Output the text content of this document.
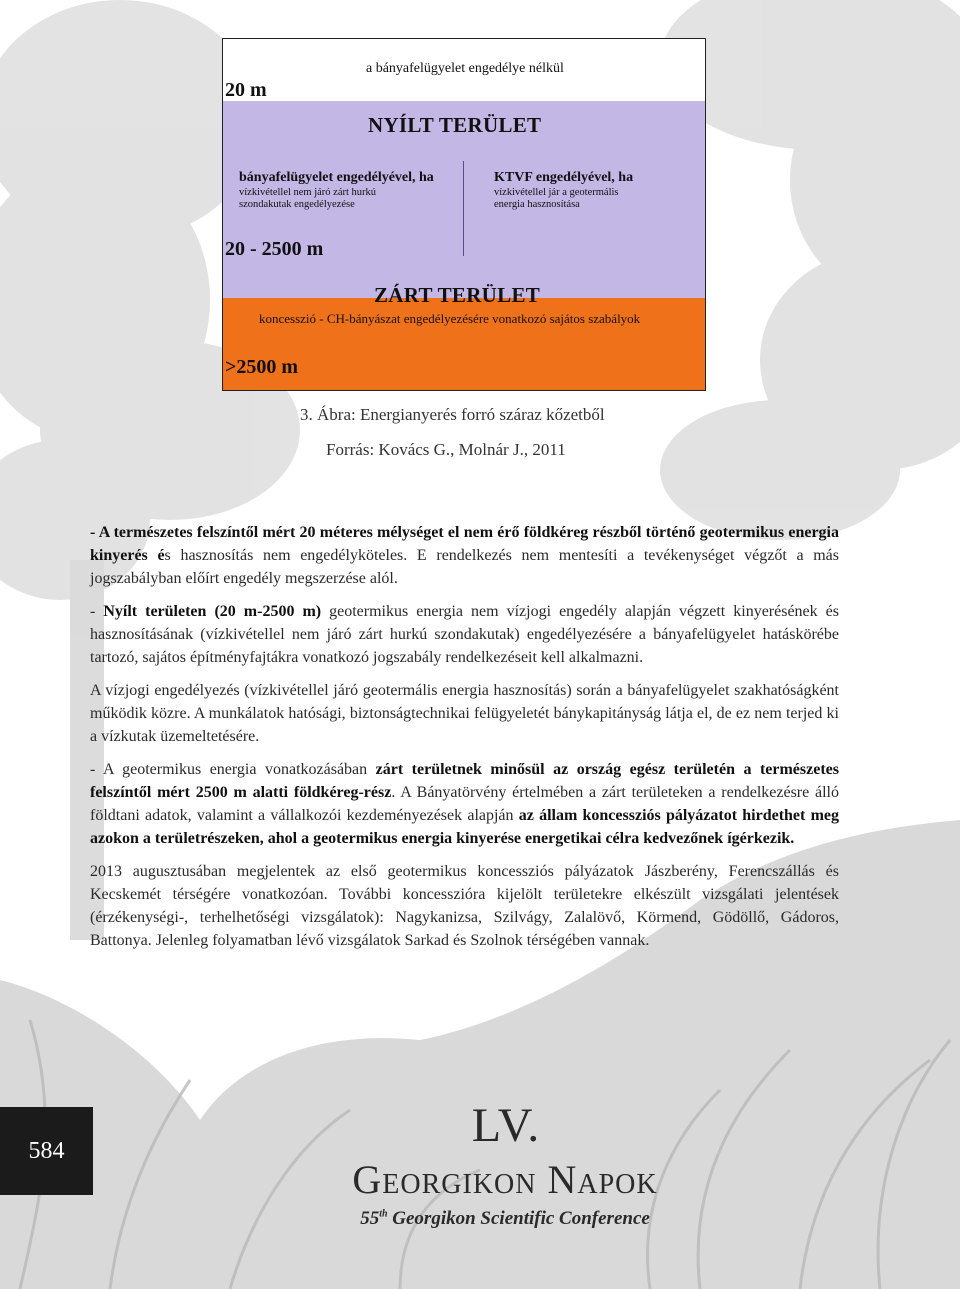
a bányafelügyelet engedélye nélkül
20 m
NYÍLT TERÜLET
bányafelügyelet engedélyével, ha
vízkivétellel nem járó zárt hurkú
szondakutak engedélyezése
KTVF engedélyével, ha
vízkivétellel jár a geotermális
energia hasznosítása
20 - 2500 m
ZÁRT TERÜLET
koncesszió - CH-bányászat engedélyezésére vonatkozó sajátos szabályok
>2500 m
3. Ábra: Energianyerés forró száraz kőzetből
Forrás: Kovács G., Molnár J., 2011

- A természetes felszíntől mért 20 méteres mélységet el nem érő földkéreg részből történő geotermikus energia kinyerés és hasznosítás nem engedélyköteles. E rendelkezés nem mentesíti a tevékenységet végzőt a más jogszabályban előírt engedély megszerzése alól.

- Nyílt területen (20 m-2500 m) geotermikus energia nem vízjogi engedély alapján végzett kinyerésének és hasznosításának (vízkivétellel nem járó zárt hurkú szondakutak) engedélyezésére a bányafelügyelet hatáskörébe tartozó, sajátos építményfajtákra vonatkozó jogszabály rendelkezéseit kell alkalmazni.

A vízjogi engedélyezés (vízkivétellel járó geotermális energia hasznosítás) során a bányafelügyelet szakhatóságként működik közre. A munkálatok hatósági, biztonságtechnikai felügyeletét bánykapitányság látja el, de ez nem terjed ki a vízkutak üzemeltetésére.

- A geotermikus energia vonatkozásában zárt területnek minősül az ország egész területén a természetes felszíntől mért 2500 m alatti földkéreg-rész. A Bányatörvény értelmében a zárt területeken a rendelkezésre álló földtani adatok, valamint a vállalkozói kezdeményezések alapján az állam koncessziós pályázatot hirdethet meg azokon a területrészeken, ahol a geotermikus energia kinyerése energetikai célra kedvezőnek ígérkezik.

2013 augusztusában megjelentek az első geotermikus koncessziós pályázatok Jászberény, Ferencszállás és Kecskemét térségére vonatkozóan. További koncesszióra kijelölt területekre elkészült vizsgálati jelentések (érzékenységi-, terhelhetőségi vizsgálatok): Nagykanizsa, Szilvágy, Zalalövő, Körmend, Gödöllő, Gádoros, Battonya. Jelenleg folyamatban lévő vizsgálatok Sarkad és Szolnok térségében vannak.

584	LV.
Georgikon Napok
55th Georgikon Scientific Conference
